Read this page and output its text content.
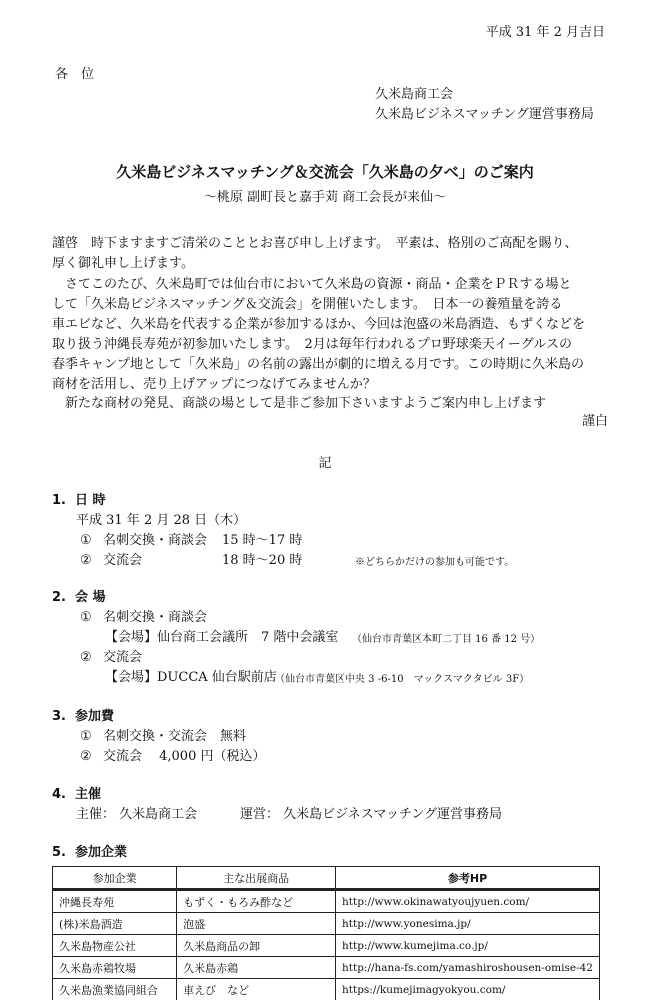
平成 31 年 2 月吉日
各　位
久米島商工会
久米島ビジネスマッチング運営事務局
久米島ビジネスマッチング＆交流会「久米島の夕べ」のご案内
～桃原 副町長と嘉手苅 商工会長が来仙～
謹啓　時下ますますご清栄のこととお喜び申し上げます。　平素は、格別のご高配を賜り、
厚く御礼申し上げます。
　さてこのたび、久米島町では仙台市において久米島の資源・商品・企業をＰＲする場と
して「久米島ビジネスマッチング＆交流会」を開催いたします。　日本一の養殖量を誇る
車エビなど、久米島を代表する企業が参加するほか、今回は泡盛の米島酒造、もずくなどを
取り扱う沖縄長寿苑が初参加いたします。　2月は毎年行われるプロ野球楽天イーグルスの
春季キャンプ地として「久米島」の名前の露出が劇的に増える月です。この時期に久米島の
商材を活用し、売り上げアップにつなげてみませんか？
　新たな商材の発見、商談の場として是非ご参加下さいますようご案内申し上げます
謹白
記
1. 日 時
平成 31 年 2 月 28 日（木）
① 名刺交換・商談会 15 時～17 時
② 交流会	18 時～20 時	※どちらかだけの参加も可能です。
2. 会 場
① 名刺交換・商談会
【会場】仙台商工会議所　7 階中会議室 （仙台市青葉区本町二丁目 16 番 12 号）
② 交流会
【会場】DUCCA 仙台駅前店
（仙台市青葉区中央 3 -6-10　マックスマクタビル 3F）
3. 参加費
① 名刺交換・交流会　無料
② 交流会　 4,000 円（税込）
4. 主催
主催： 久米島商工会	運営： 久米島ビジネスマッチング運営事務局
5. 参加企業
参加企業	主な出展商品	参考HP
沖縄長寿苑	もずく・もろみ酢など	http://www.okinawatyoujyuen.com/
(株)米島酒造	泡盛	http://www.yonesima.jp/
久米島物産公社	久米島商品の卸	http://www.kumejima.co.jp/
久米島赤鶏牧場	久米島赤鶏	http://hana-fs.com/yamashiroshousen-omise-42
久米島漁業協同組合	車えび　など	https://kumejimagyokyou.com/
